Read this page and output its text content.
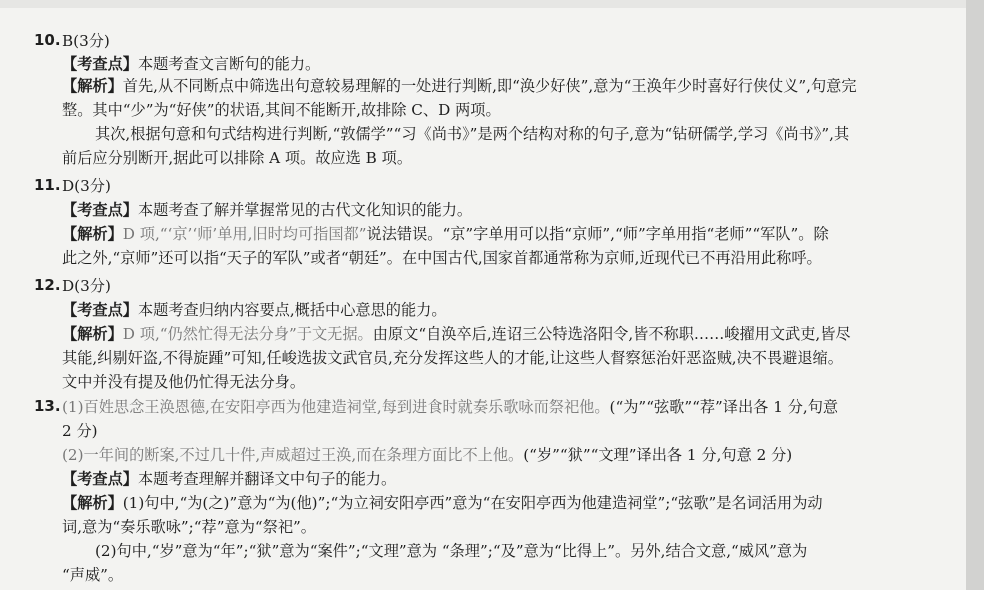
10. B(3分)

【考查点】本题考查文言断句的能力。

【解析】首先,从不同断点中筛选出句意较易理解的一处进行判断,即“涣少好侠”,意为“王涣年少时喜好行侠仗义”,句意完

整。其中“少”为“好侠”的状语,其间不能断开,故排除 C、D 两项。

其次,根据句意和句式结构进行判断,“敦儒学”“习《尚书》”是两个结构对称的句子,意为“钻研儒学,学习《尚书》”,其

前后应分别断开,据此可以排除 A 项。故应选 B 项。

11. D(3分)

【考查点】本题考查了解并掌握常见的古代文化知识的能力。

【解析】D 项,“‘京’‘师’单用,旧时均可指国都”说法错误。“京”字单用可以指“京师”,“师”字单用指“老师”“军队”。除

此之外,“京师”还可以指“天子的军队”或者“朝廷”。在中国古代,国家首都通常称为京师,近现代已不再沿用此称呼。

12. D(3分)

【考查点】本题考查归纳内容要点,概括中心意思的能力。

【解析】D 项,“仍然忙得无法分身”于文无据。由原文“自涣卒后,连诏三公特选洛阳令,皆不称职……峻擢用文武吏,皆尽

其能,纠剔奸盗,不得旋踵”可知,任峻选拔文武官员,充分发挥这些人的才能,让这些人督察惩治奸恶盗贼,决不畏避退缩。

文中并没有提及他仍忙得无法分身。

13. (1)百姓思念王涣恩德,在安阳亭西为他建造祠堂,每到进食时就奏乐歌咏而祭祀他。(“为”“弦歌”“荐”译出各 1 分,句意

2 分)

(2)一年间的断案,不过几十件,声威超过王涣,而在条理方面比不上他。(“岁”“狱”“文理”译出各 1 分,句意 2 分)

【考查点】本题考查理解并翻译文中句子的能力。

【解析】(1)句中,“为(之)”意为“为(他)”;“为立祠安阳亭西”意为“在安阳亭西为他建造祠堂”;“弦歌”是名词活用为动

词,意为“奏乐歌咏”;“荐”意为“祭祀”。

(2)句中,“岁”意为“年”;“狱”意为“案件”;“文理”意为 “条理”;“及”意为“比得上”。另外,结合文意,“威风”意为

“声威”。
